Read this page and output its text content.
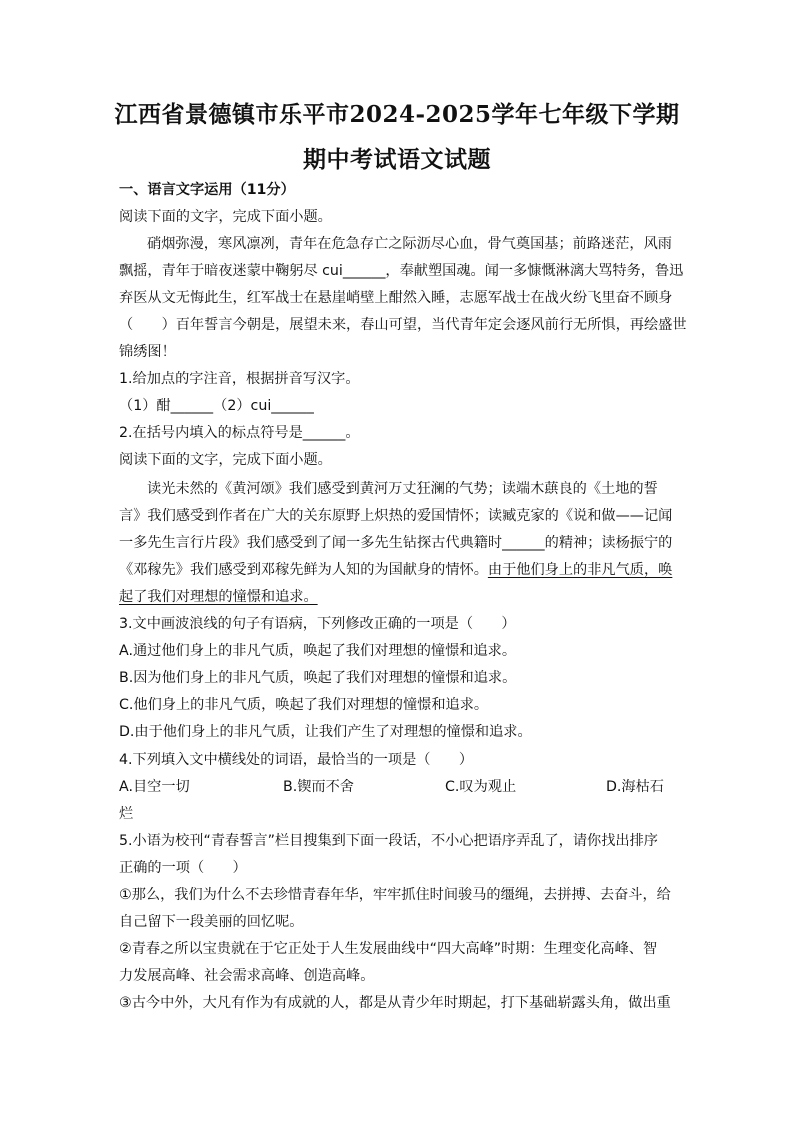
江西省景德镇市乐平市2024-2025学年七年级下学期
期中考试语文试题
一、语言文字运用（11分）
阅读下面的文字，完成下面小题。
硝烟弥漫，寒风凛冽，青年在危急存亡之际沥尽心血，骨气奠国基；前路迷茫，风雨
飘摇，青年于暗夜迷蒙中鞠躬尽 cui______，奉献塑国魂。闻一多慷慨淋漓大骂特务，鲁迅
弃医从文无悔此生，红军战士在悬崖峭壁上酣然入睡，志愿军战士在战火纷飞里奋不顾身
（　　）百年誓言今朝是，展望未来，春山可望，当代青年定会逐风前行无所惧，再绘盛世
锦绣图！
1.给加点的字注音，根据拼音写汉字。
（1）酣______（2）cui______
2.在括号内填入的标点符号是______。
阅读下面的文字，完成下面小题。
读光未然的《黄河颂》我们感受到黄河万丈狂澜的气势；读端木蕻良的《土地的誓
言》我们感受到作者在广大的关东原野上炽热的爱国情怀；读臧克家的《说和做——记闻
一多先生言行片段》我们感受到了闻一多先生钻探古代典籍时______的精神；读杨振宁的
《邓稼先》我们感受到邓稼先鲜为人知的为国献身的情怀。由于他们身上的非凡气质，唤
起了我们对理想的憧憬和追求。
3.文中画波浪线的句子有语病，下列修改正确的一项是（　　）
A.通过他们身上的非凡气质，唤起了我们对理想的憧憬和追求。
B.因为他们身上的非凡气质，唤起了我们对理想的憧憬和追求。
C.他们身上的非凡气质，唤起了我们对理想的憧憬和追求。
D.由于他们身上的非凡气质，让我们产生了对理想的憧憬和追求。
4.下列填入文中横线处的词语，最恰当的一项是（　　）
A.目空一切	B.锲而不舍	C.叹为观止	D.海枯石
烂
5.小语为校刊“青春誓言”栏目搜集到下面一段话，不小心把语序弄乱了，请你找出排序
正确的一项（　　）
①那么，我们为什么不去珍惜青春年华，牢牢抓住时间骏马的缰绳，去拼搏、去奋斗，给
自己留下一段美丽的回忆呢。
②青春之所以宝贵就在于它正处于人生发展曲线中“四大高峰”时期：生理变化高峰、智
力发展高峰、社会需求高峰、创造高峰。
③古今中外，大凡有作为有成就的人，都是从青少年时期起，打下基础崭露头角，做出重
